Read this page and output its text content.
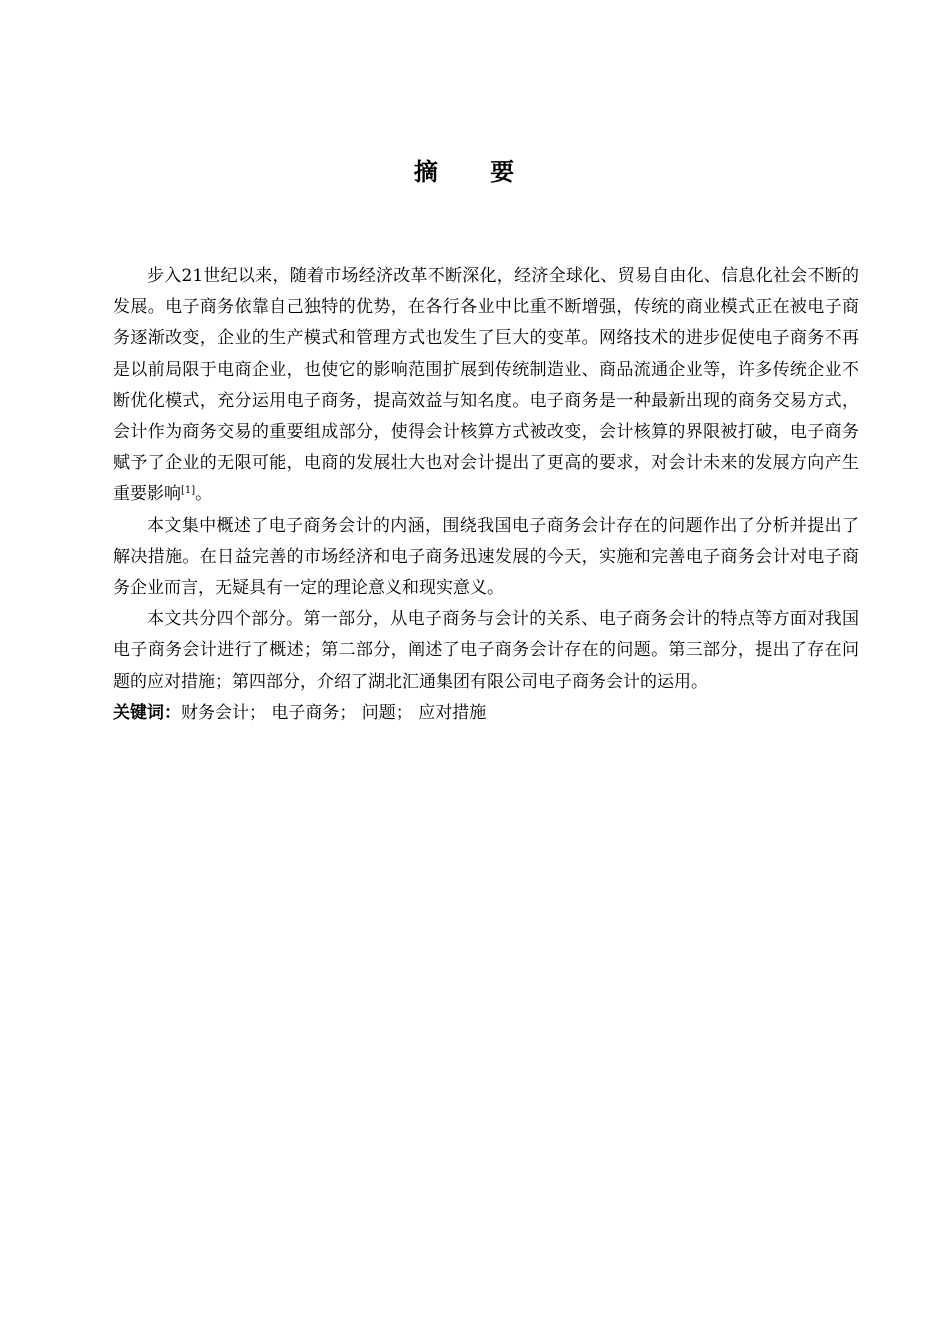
摘 要

步入21世纪以来，随着市场经济改革不断深化，经济全球化、贸易自由化、信息化社会不断的发展。电子商务依靠自己独特的优势，在各行各业中比重不断增强，传统的商业模式正在被电子商务逐渐改变，企业的生产模式和管理方式也发生了巨大的变革。网络技术的进步促使电子商务不再是以前局限于电商企业，也使它的影响范围扩展到传统制造业、商品流通企业等，许多传统企业不断优化模式，充分运用电子商务，提高效益与知名度。电子商务是一种最新出现的商务交易方式，会计作为商务交易的重要组成部分，使得会计核算方式被改变，会计核算的界限被打破，电子商务赋予了企业的无限可能，电商的发展壮大也对会计提出了更高的要求，对会计未来的发展方向产生重要影响[1]。

本文集中概述了电子商务会计的内涵，围绕我国电子商务会计存在的问题作出了分析并提出了解决措施。在日益完善的市场经济和电子商务迅速发展的今天，实施和完善电子商务会计对电子商务企业而言，无疑具有一定的理论意义和现实意义。

本文共分四个部分。第一部分，从电子商务与会计的关系、电子商务会计的特点等方面对我国电子商务会计进行了概述；第二部分，阐述了电子商务会计存在的问题。第三部分，提出了存在问题的应对措施；第四部分，介绍了湖北汇通集团有限公司电子商务会计的运用。

关键词：财务会计； 电子商务； 问题； 应对措施
